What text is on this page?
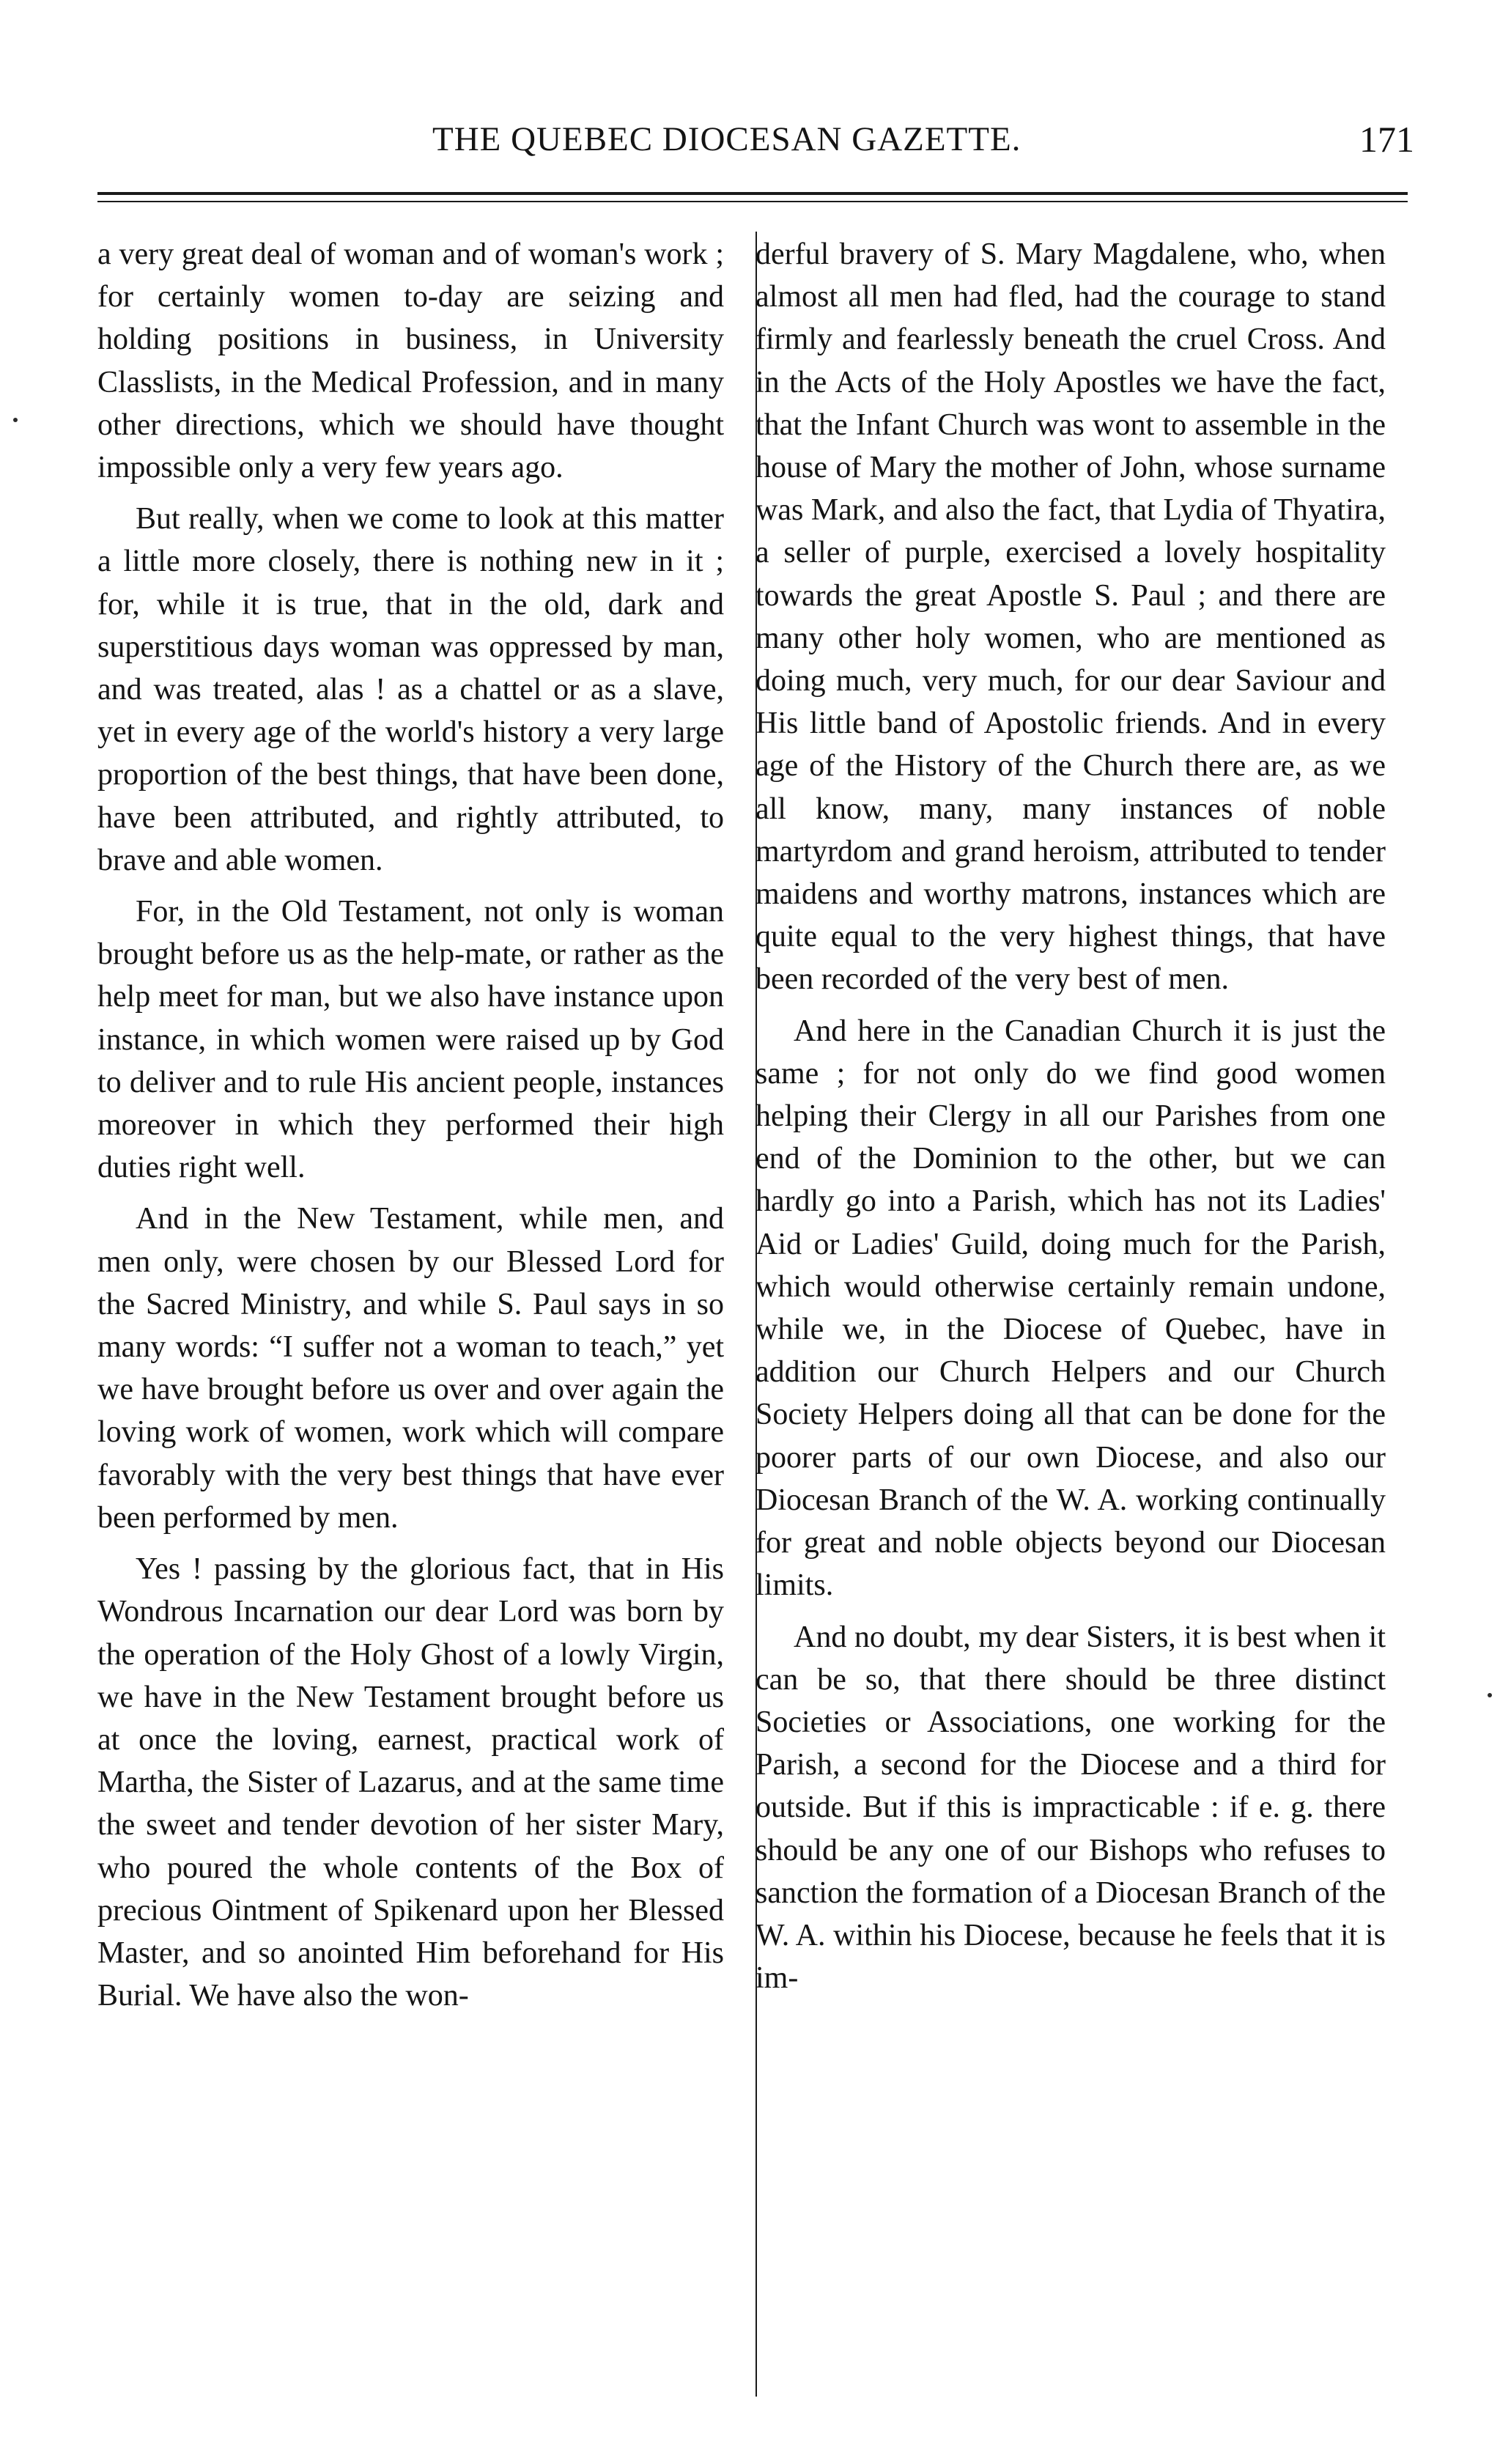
THE QUEBEC DIOCESAN GAZETTE.	171

a very great deal of woman and of woman's work ; for certainly women to-day are seizing and holding positions in business, in University Classlists, in the Medical Profession, and in many other directions, which we should have thought impossible only a very few years ago.

But really, when we come to look at this matter a little more closely, there is nothing new in it ; for, while it is true, that in the old, dark and superstitious days woman was oppressed by man, and was treated, alas ! as a chattel or as a slave, yet in every age of the world's history a very large proportion of the best things, that have been done, have been attributed, and rightly attributed, to brave and able women.

For, in the Old Testament, not only is woman brought before us as the help-mate, or rather as the help meet for man, but we also have instance upon instance, in which women were raised up by God to deliver and to rule His ancient people, instances moreover in which they performed their high duties right well.

And in the New Testament, while men, and men only, were chosen by our Blessed Lord for the Sacred Ministry, and while S. Paul says in so many words: “I suffer not a woman to teach,” yet we have brought before us over and over again the loving work of women, work which will compare favorably with the very best things that have ever been performed by men.

Yes ! passing by the glorious fact, that in His Wondrous Incarnation our dear Lord was born by the operation of the Holy Ghost of a lowly Virgin, we have in the New Testament brought before us at once the loving, earnest, practical work of Martha, the Sister of Lazarus, and at the same time the sweet and tender devotion of her sister Mary, who poured the whole contents of the Box of precious Ointment of Spikenard upon her Blessed Master, and so anointed Him beforehand for His Burial. We have also the won-

derful bravery of S. Mary Magdalene, who, when almost all men had fled, had the courage to stand firmly and fearlessly beneath the cruel Cross. And in the Acts of the Holy Apostles we have the fact, that the Infant Church was wont to assemble in the house of Mary the mother of John, whose surname was Mark, and also the fact, that Lydia of Thyatira, a seller of purple, exercised a lovely hospitality towards the great Apostle S. Paul ; and there are many other holy women, who are mentioned as doing much, very much, for our dear Saviour and His little band of Apostolic friends. And in every age of the History of the Church there are, as we all know, many, many instances of noble martyrdom and grand heroism, attributed to tender maidens and worthy matrons, instances which are quite equal to the very highest things, that have been recorded of the very best of men.

And here in the Canadian Church it is just the same ; for not only do we find good women helping their Clergy in all our Parishes from one end of the Dominion to the other, but we can hardly go into a Parish, which has not its Ladies' Aid or Ladies' Guild, doing much for the Parish, which would otherwise certainly remain undone, while we, in the Diocese of Quebec, have in addition our Church Helpers and our Church Society Helpers doing all that can be done for the poorer parts of our own Diocese, and also our Diocesan Branch of the W. A. working continually for great and noble objects beyond our Diocesan limits.

And no doubt, my dear Sisters, it is best when it can be so, that there should be three distinct Societies or Associations, one working for the Parish, a second for the Diocese and a third for outside. But if this is impracticable : if e. g. there should be any one of our Bishops who refuses to sanction the formation of a Diocesan Branch of the W. A. within his Diocese, because he feels that it is im-
